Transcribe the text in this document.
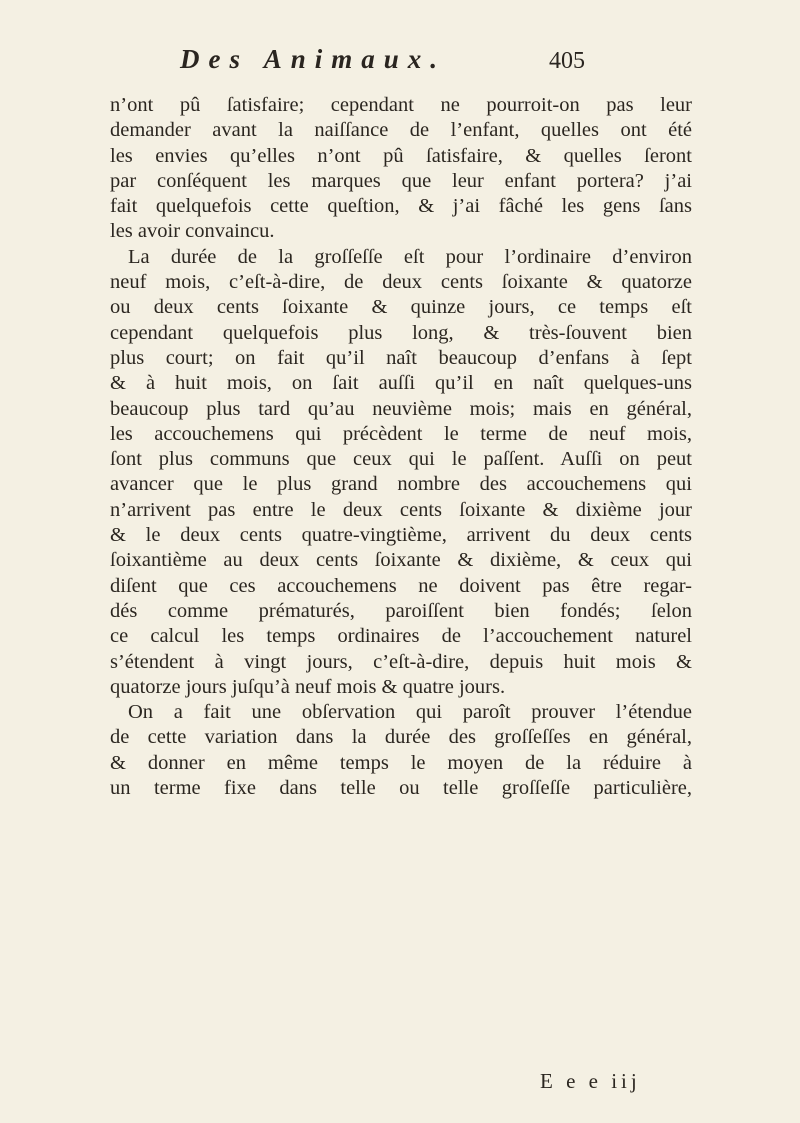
Des Animaux.	405
n’ont pû ſatisfaire; cependant ne pourroit-on pas leur
demander avant la naiſſance de l’enfant, quelles ont été
les envies qu’elles n’ont pû ſatisfaire, & quelles ſeront
par conſéquent les marques que leur enfant portera? j’ai
fait quelquefois cette queſtion, & j’ai fâché les gens ſans
les avoir convaincu.
La durée de la groſſeſſe eſt pour l’ordinaire d’environ
neuf mois, c’eſt-à-dire, de deux cents ſoixante & quatorze
ou deux cents ſoixante & quinze jours, ce temps eſt
cependant quelquefois plus long, & très-ſouvent bien
plus court; on fait qu’il naît beaucoup d’enfans à ſept
& à huit mois, on ſait auſſi qu’il en naît quelques-uns
beaucoup plus tard qu’au neuvième mois; mais en général,
les accouchemens qui précèdent le terme de neuf mois,
ſont plus communs que ceux qui le paſſent. Auſſi on peut
avancer que le plus grand nombre des accouchemens qui
n’arrivent pas entre le deux cents ſoixante & dixième jour
& le deux cents quatre-vingtième, arrivent du deux cents
ſoixantième au deux cents ſoixante & dixième, & ceux qui
diſent que ces accouchemens ne doivent pas être regar-
dés comme prématurés, paroiſſent bien fondés; ſelon
ce calcul les temps ordinaires de l’accouchement naturel
s’étendent à vingt jours, c’eſt-à-dire, depuis huit mois &
quatorze jours juſqu’à neuf mois & quatre jours.
On a fait une obſervation qui paroît prouver l’étendue
de cette variation dans la durée des groſſeſſes en général,
& donner en même temps le moyen de la réduire à
un terme fixe dans telle ou telle groſſeſſe particulière,
E e e iij
